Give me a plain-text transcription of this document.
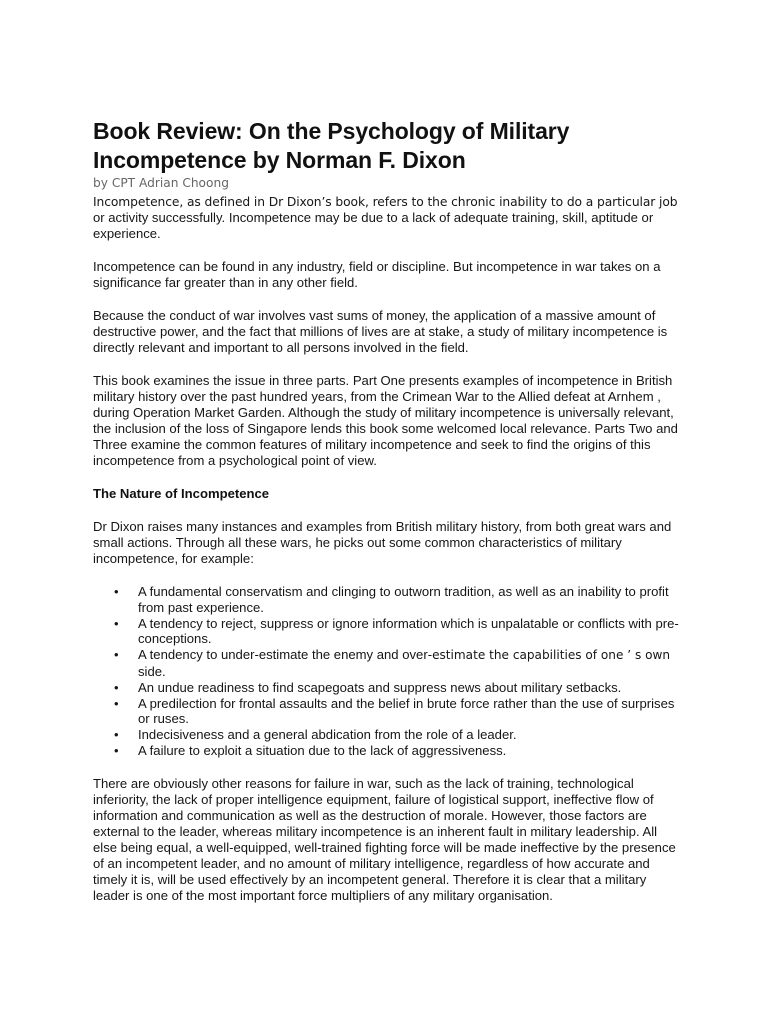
Book Review: On the Psychology of Military
Incompetence by Norman F. Dixon
by CPT Adrian Choong

Incompetence, as defined in Dr Dixon’s book, refers to the chronic inability to do a particular job or activity successfully. Incompetence may be due to a lack of adequate training, skill, aptitude or experience.

Incompetence can be found in any industry, field or discipline. But incompetence in war takes on a significance far greater than in any other field.

Because the conduct of war involves vast sums of money, the application of a massive amount of destructive power, and the fact that millions of lives are at stake, a study of military incompetence is directly relevant and important to all persons involved in the field.

This book examines the issue in three parts. Part One presents examples of incompetence in British military history over the past hundred years, from the Crimean War to the Allied defeat at Arnhem , during Operation Market Garden. Although the study of military incompetence is universally relevant, the inclusion of the loss of Singapore lends this book some welcomed local relevance. Parts Two and Three examine the common features of military incompetence and seek to find the origins of this incompetence from a psychological point of view.

The Nature of Incompetence

Dr Dixon raises many instances and examples from British military history, from both great wars and small actions. Through all these wars, he picks out some common characteristics of military incompetence, for example:

• A fundamental conservatism and clinging to outworn tradition, as well as an inability to profit from past experience.
• A tendency to reject, suppress or ignore information which is unpalatable or conflicts with pre-conceptions.
• A tendency to under-estimate the enemy and over-estimate the capabilities of one ’ s own
side.
• An undue readiness to find scapegoats and suppress news about military setbacks.
• A predilection for frontal assaults and the belief in brute force rather than the use of surprises or ruses.
• Indecisiveness and a general abdication from the role of a leader.
• A failure to exploit a situation due to the lack of aggressiveness.

There are obviously other reasons for failure in war, such as the lack of training, technological inferiority, the lack of proper intelligence equipment, failure of logistical support, ineffective flow of information and communication as well as the destruction of morale. However, those factors are external to the leader, whereas military incompetence is an inherent fault in military leadership. All else being equal, a well-equipped, well-trained fighting force will be made ineffective by the presence of an incompetent leader, and no amount of military intelligence, regardless of how accurate and timely it is, will be used effectively by an incompetent general. Therefore it is clear that a military leader is one of the most important force multipliers of any military organisation.
